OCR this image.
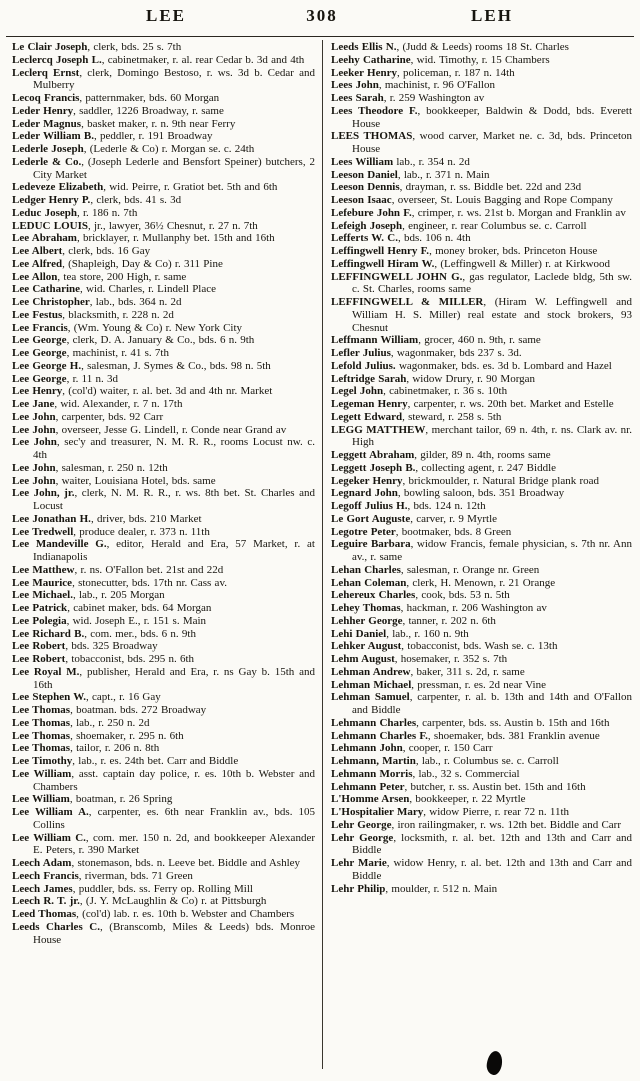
LEE	308	LEH
Le Clair Joseph, clerk, bds. 25 s. 7th
Leclercq Joseph L., cabinetmaker, r. al. rear Cedar b. 3d and 4th
Leclerq Ernst, clerk, Domingo Bestoso, r. ws. 3d b. Cedar and Mulberry
Lecoq Francis, patternmaker, bds. 60 Morgan
Leder Henry, saddler, 1226 Broadway, r. same
Leder Magnus, basket maker, r. n. 9th near Ferry
Leder William B., peddler, r. 191 Broadway
Lederle Joseph, (Lederle & Co) r. Morgan se. c. 24th
Lederle & Co., (Joseph Lederle and Bensfort Speiner) butchers, 2 City Market
Ledeveze Elizabeth, wid. Peirre, r. Gratiot bet. 5th and 6th
Ledger Henry P., clerk, bds. 41 s. 3d
Leduc Joseph, r. 186 n. 7th
LEDUC LOUIS, jr., lawyer, 36½ Chesnut, r. 27 n. 7th
Lee Abraham, bricklayer, r. Mullanphy bet. 15th and 16th
Lee Albert, clerk, bds. 16 Gay
Lee Alfred, (Shapleigh, Day & Co) r. 311 Pine
Lee Allon, tea store, 200 High, r. same
Lee Catharine, wid. Charles, r. Lindell Place
Lee Christopher, lab., bds. 364 n. 2d
Lee Festus, blacksmith, r. 228 n. 2d
Lee Francis, (Wm. Young & Co) r. New York City
Lee George, clerk, D. A. January & Co., bds. 6 n. 9th
Lee George, machinist, r. 41 s. 7th
Lee George H., salesman, J. Symes & Co., bds. 98 n. 5th
Lee George, r. 11 n. 3d
Lee Henry, (col'd) waiter, r. al. bet. 3d and 4th nr. Market
Lee Jane, wid. Alexander, r. 7 n. 17th
Lee John, carpenter, bds. 92 Carr
Lee John, overseer, Jesse G. Lindell, r. Conde near Grand av
Lee John, sec'y and treasurer, N. M. R. R., rooms Locust nw. c. 4th
Lee John, salesman, r. 250 n. 12th
Lee John, waiter, Louisiana Hotel, bds. same
Lee John, jr., clerk, N. M. R. R., r. ws. 8th bet. St. Charles and Locust
Lee Jonathan H., driver, bds. 210 Market
Lee Tredwell, produce dealer, r. 373 n. 11th
Lee Mandeville G., editor, Herald and Era, 57 Market, r. at Indianapolis
Lee Matthew, r. ns. O'Fallon bet. 21st and 22d
Lee Maurice, stonecutter, bds. 17th nr. Cass av.
Lee Michael., lab., r. 205 Morgan
Lee Patrick, cabinet maker, bds. 64 Morgan
Lee Polegia, wid. Joseph E., r. 151 s. Main
Lee Richard B., com. mer., bds. 6 n. 9th
Lee Robert, bds. 325 Broadway
Lee Robert, tobacconist, bds. 295 n. 6th
Lee Royal M., publisher, Herald and Era, r. ns Gay b. 15th and 16th
Lee Stephen W., capt., r. 16 Gay
Lee Thomas, boatman. bds. 272 Broadway
Lee Thomas, lab., r. 250 n. 2d
Lee Thomas, shoemaker, r. 295 n. 6th
Lee Thomas, tailor, r. 206 n. 8th
Lee Timothy, lab., r. es. 24th bet. Carr and Biddle
Lee William, asst. captain day police, r. es. 10th b. Webster and Chambers
Lee William, boatman, r. 26 Spring
Lee William A., carpenter, es. 6th near Franklin av., bds. 105 Collins
Lee William C., com. mer. 150 n. 2d, and bookkeeper Alexander E. Peters, r. 390 Market
Leech Adam, stonemason, bds. n. Leeve bet. Biddle and Ashley
Leech Francis, riverman, bds. 71 Green
Leech James, puddler, bds. ss. Ferry op. Rolling Mill
Leech R. T. jr., (J. Y. McLaughlin & Co) r. at Pittsburgh
Leed Thomas, (col'd) lab. r. es. 10th b. Webster and Chambers
Leeds Charles C., (Branscomb, Miles & Leeds) bds. Monroe House
Leeds Ellis N., (Judd & Leeds) rooms 18 St. Charles
Leehy Catharine, wid. Timothy, r. 15 Chambers
Leeker Henry, policeman, r. 187 n. 14th
Lees John, machinist, r. 96 O'Fallon
Lees Sarah, r. 259 Washington av
Lees Theodore F., bookkeeper, Baldwin & Dodd, bds. Everett House
LEES THOMAS, wood carver, Market ne. c. 3d, bds. Princeton House
Lees William lab., r. 354 n. 2d
Leeson Daniel, lab., r. 371 n. Main
Leeson Dennis, drayman, r. ss. Biddle bet. 22d and 23d
Leeson Isaac, overseer, St. Louis Bagging and Rope Company
Lefebure John F., crimper, r. ws. 21st b. Morgan and Franklin av
Lefeigh Joseph, engineer, r. rear Columbus se. c. Carroll
Lefferts W. C., bds. 106 n. 4th
Leffingwell Henry F., money broker, bds. Princeton House
Leffingwell Hiram W., (Leffingwell & Miller) r. at Kirkwood
LEFFINGWELL JOHN G., gas regulator, Laclede bldg, 5th sw. c. St. Charles, rooms same
LEFFINGWELL & MILLER, (Hiram W. Leffingwell and William H. S. Miller) real estate and stock brokers, 93 Chesnut
Leffmann William, grocer, 460 n. 9th, r. same
Lefler Julius, wagonmaker, bds 237 s. 3d.
Lefold Julius. wagonmaker, bds. es. 3d b. Lombard and Hazel
Leftridge Sarah, widow Drury, r. 90 Morgan
Legel John, cabinetmaker, r. 36 s. 10th
Legeman Henry, carpenter, r. ws. 20th bet. Market and Estelle
Legett Edward, steward, r. 258 s. 5th
LEGG MATTHEW, merchant tailor, 69 n. 4th, r. ns. Clark av. nr. High
Leggett Abraham, gilder, 89 n. 4th, rooms same
Leggett Joseph B., collecting agent, r. 247 Biddle
Legeker Henry, brickmoulder, r. Natural Bridge plank road
Legnard John, bowling saloon, bds. 351 Broadway
Legoff Julius H., bds. 124 n. 12th
Le Gort Auguste, carver, r. 9 Myrtle
Legotre Peter, bootmaker, bds. 8 Green
Leguire Barbara, widow Francis, female physician, s. 7th nr. Ann av., r. same
Lehan Charles, salesman, r. Orange nr. Green
Lehan Coleman, clerk, H. Menown, r. 21 Orange
Lehereux Charles, cook, bds. 53 n. 5th
Lehey Thomas, hackman, r. 206 Washington av
Lehher George, tanner, r. 202 n. 6th
Lehi Daniel, lab., r. 160 n. 9th
Lehker August, tobacconist, bds. Wash se. c. 13th
Lehm August, hosemaker, r. 352 s. 7th
Lehman Andrew, baker, 311 s. 2d, r. same
Lehman Michael, pressman, r. es. 2d near Vine
Lehman Samuel, carpenter, r. al. b. 13th and 14th and O'Fallon and Biddle
Lehmann Charles, carpenter, bds. ss. Austin b. 15th and 16th
Lehmann Charles F., shoemaker, bds. 381 Franklin avenue
Lehmann John, cooper, r. 150 Carr
Lehmann, Martin, lab., r. Columbus se. c. Carroll
Lehmann Morris, lab., 32 s. Commercial
Lehmann Peter, butcher, r. ss. Austin bet. 15th and 16th
L'Homme Arsen, bookkeeper, r. 22 Myrtle
L'Hospitalier Mary, widow Pierre, r. rear 72 n. 11th
Lehr George, iron railingmaker, r. ws. 12th bet. Biddle and Carr
Lehr George, locksmith, r. al. bet. 12th and 13th and Carr and Biddle
Lehr Marie, widow Henry, r. al. bet. 12th and 13th and Carr and Biddle
Lehr Philip, moulder, r. 512 n. Main
